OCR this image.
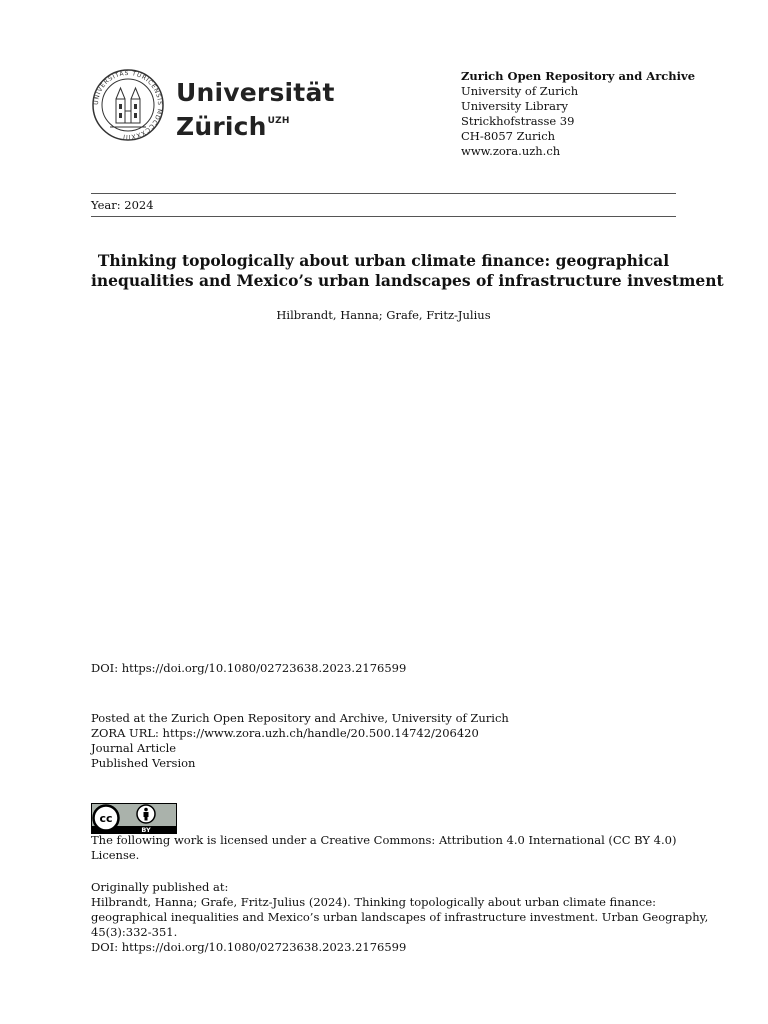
UNIVERSITAS TURICENSIS MDCCCXXXIII
Universität
Zürich$^{UZH}$
Zurich Open Repository and Archive
University of Zurich
University Library
Strickhofstrasse 39
CH-8057 Zurich
www.zora.uzh.ch
Year: 2024
Thinking topologically about urban climate finance: geographical
inequalities and Mexico’s urban landscapes of infrastructure investment
Hilbrandt, Hanna; Grafe, Fritz-Julius
DOI: https://doi.org/10.1080/02723638.2023.2176599
Posted at the Zurich Open Repository and Archive, University of Zurich
ZORA URL: https://www.zora.uzh.ch/handle/20.500.14742/206420
Journal Article
Published Version
cc
BY
The following work is licensed under a Creative Commons: Attribution 4.0 International (CC BY 4.0)
License.
Originally published at:
Hilbrandt, Hanna; Grafe, Fritz-Julius (2024). Thinking topologically about urban climate finance:
geographical inequalities and Mexico’s urban landscapes of infrastructure investment. Urban Geography,
45(3):332-351.
DOI: https://doi.org/10.1080/02723638.2023.2176599
